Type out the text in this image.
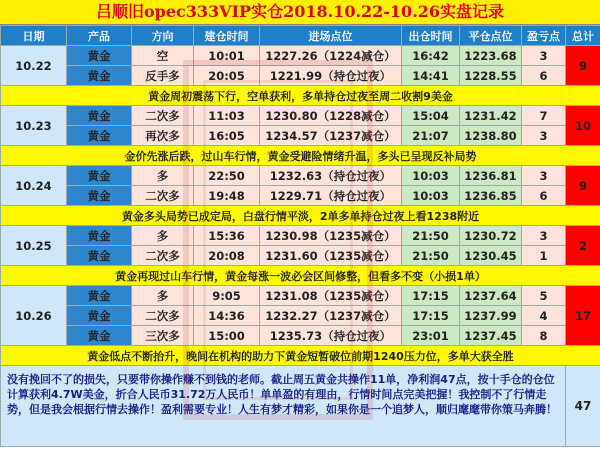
吕顺旧opec333VIP实仓2018.10.22-10.26实盘记录
日期	产品	方向	建仓时间	进场点位	出仓时间	平仓点位	盈亏点	总计
10.22	黄金	空	10:01	1227.26（1224减仓）	16:42	1223.68	3	9
	黄金	反手多	20:05	1221.99（持仓过夜）	14:41	1228.55	6	
黄金周初震荡下行，空单获利，多单持仓过夜至周二收割9美金								
10.23	黄金	二次多	11:03	1230.80（1228减仓）	15:04	1231.42	7	10
	黄金	再次多	16:05	1234.57（1237减仓）	21:07	1238.80	3	
金价先涨后跌，过山车行情，黄金受避险情绪升温，多头已呈现反补局势								
10.24	黄金	多	22:50	1232.63（持仓过夜）	10:03	1236.81	3	9
	黄金	二次多	19:48	1229.71（持仓过夜）	10:03	1236.85	6	
黄金多头局势已成定局，白盘行情平淡，2单多单持仓过夜上看1238附近								
10.25	黄金	多	15:36	1230.98（1235减仓）	21:50	1230.72	3	2
	黄金	二次多	20:08	1231.60（1235减仓）	21:50	1230.45	1	
黄金再现过山车行情，黄金每涨一波必会区间修整，但看多不变（小损1单）								
10.26	黄金	多	9:05	1231.08（1235减仓）	17:15	1237.64	5	17
	黄金	二次多	14:36	1232.27（1237减仓）	17:15	1237.99	4	
	黄金	三次多	15:00	1235.73（持仓过夜）	23:01	1237.45	8	
黄金低点不断抬升，晚间在机构的助力下黄金短暂破位前期1240压力位，多单大获全胜								
没有挽回不了的损失，只要带你操作赚不到钱的老师。截止周五黄金共操作11单，净利润47点，按十手仓的仓位计算获利4.7W美金，折合人民币31.72万人民币！单单盈的有理由，行情时间点完美把握！我控制不了行情走势，但是我会根据行情去操作！盈利需要专业！人生有梦才精彩，如果你是一个追梦人，顺归麾麾带你策马奔腾！								47
